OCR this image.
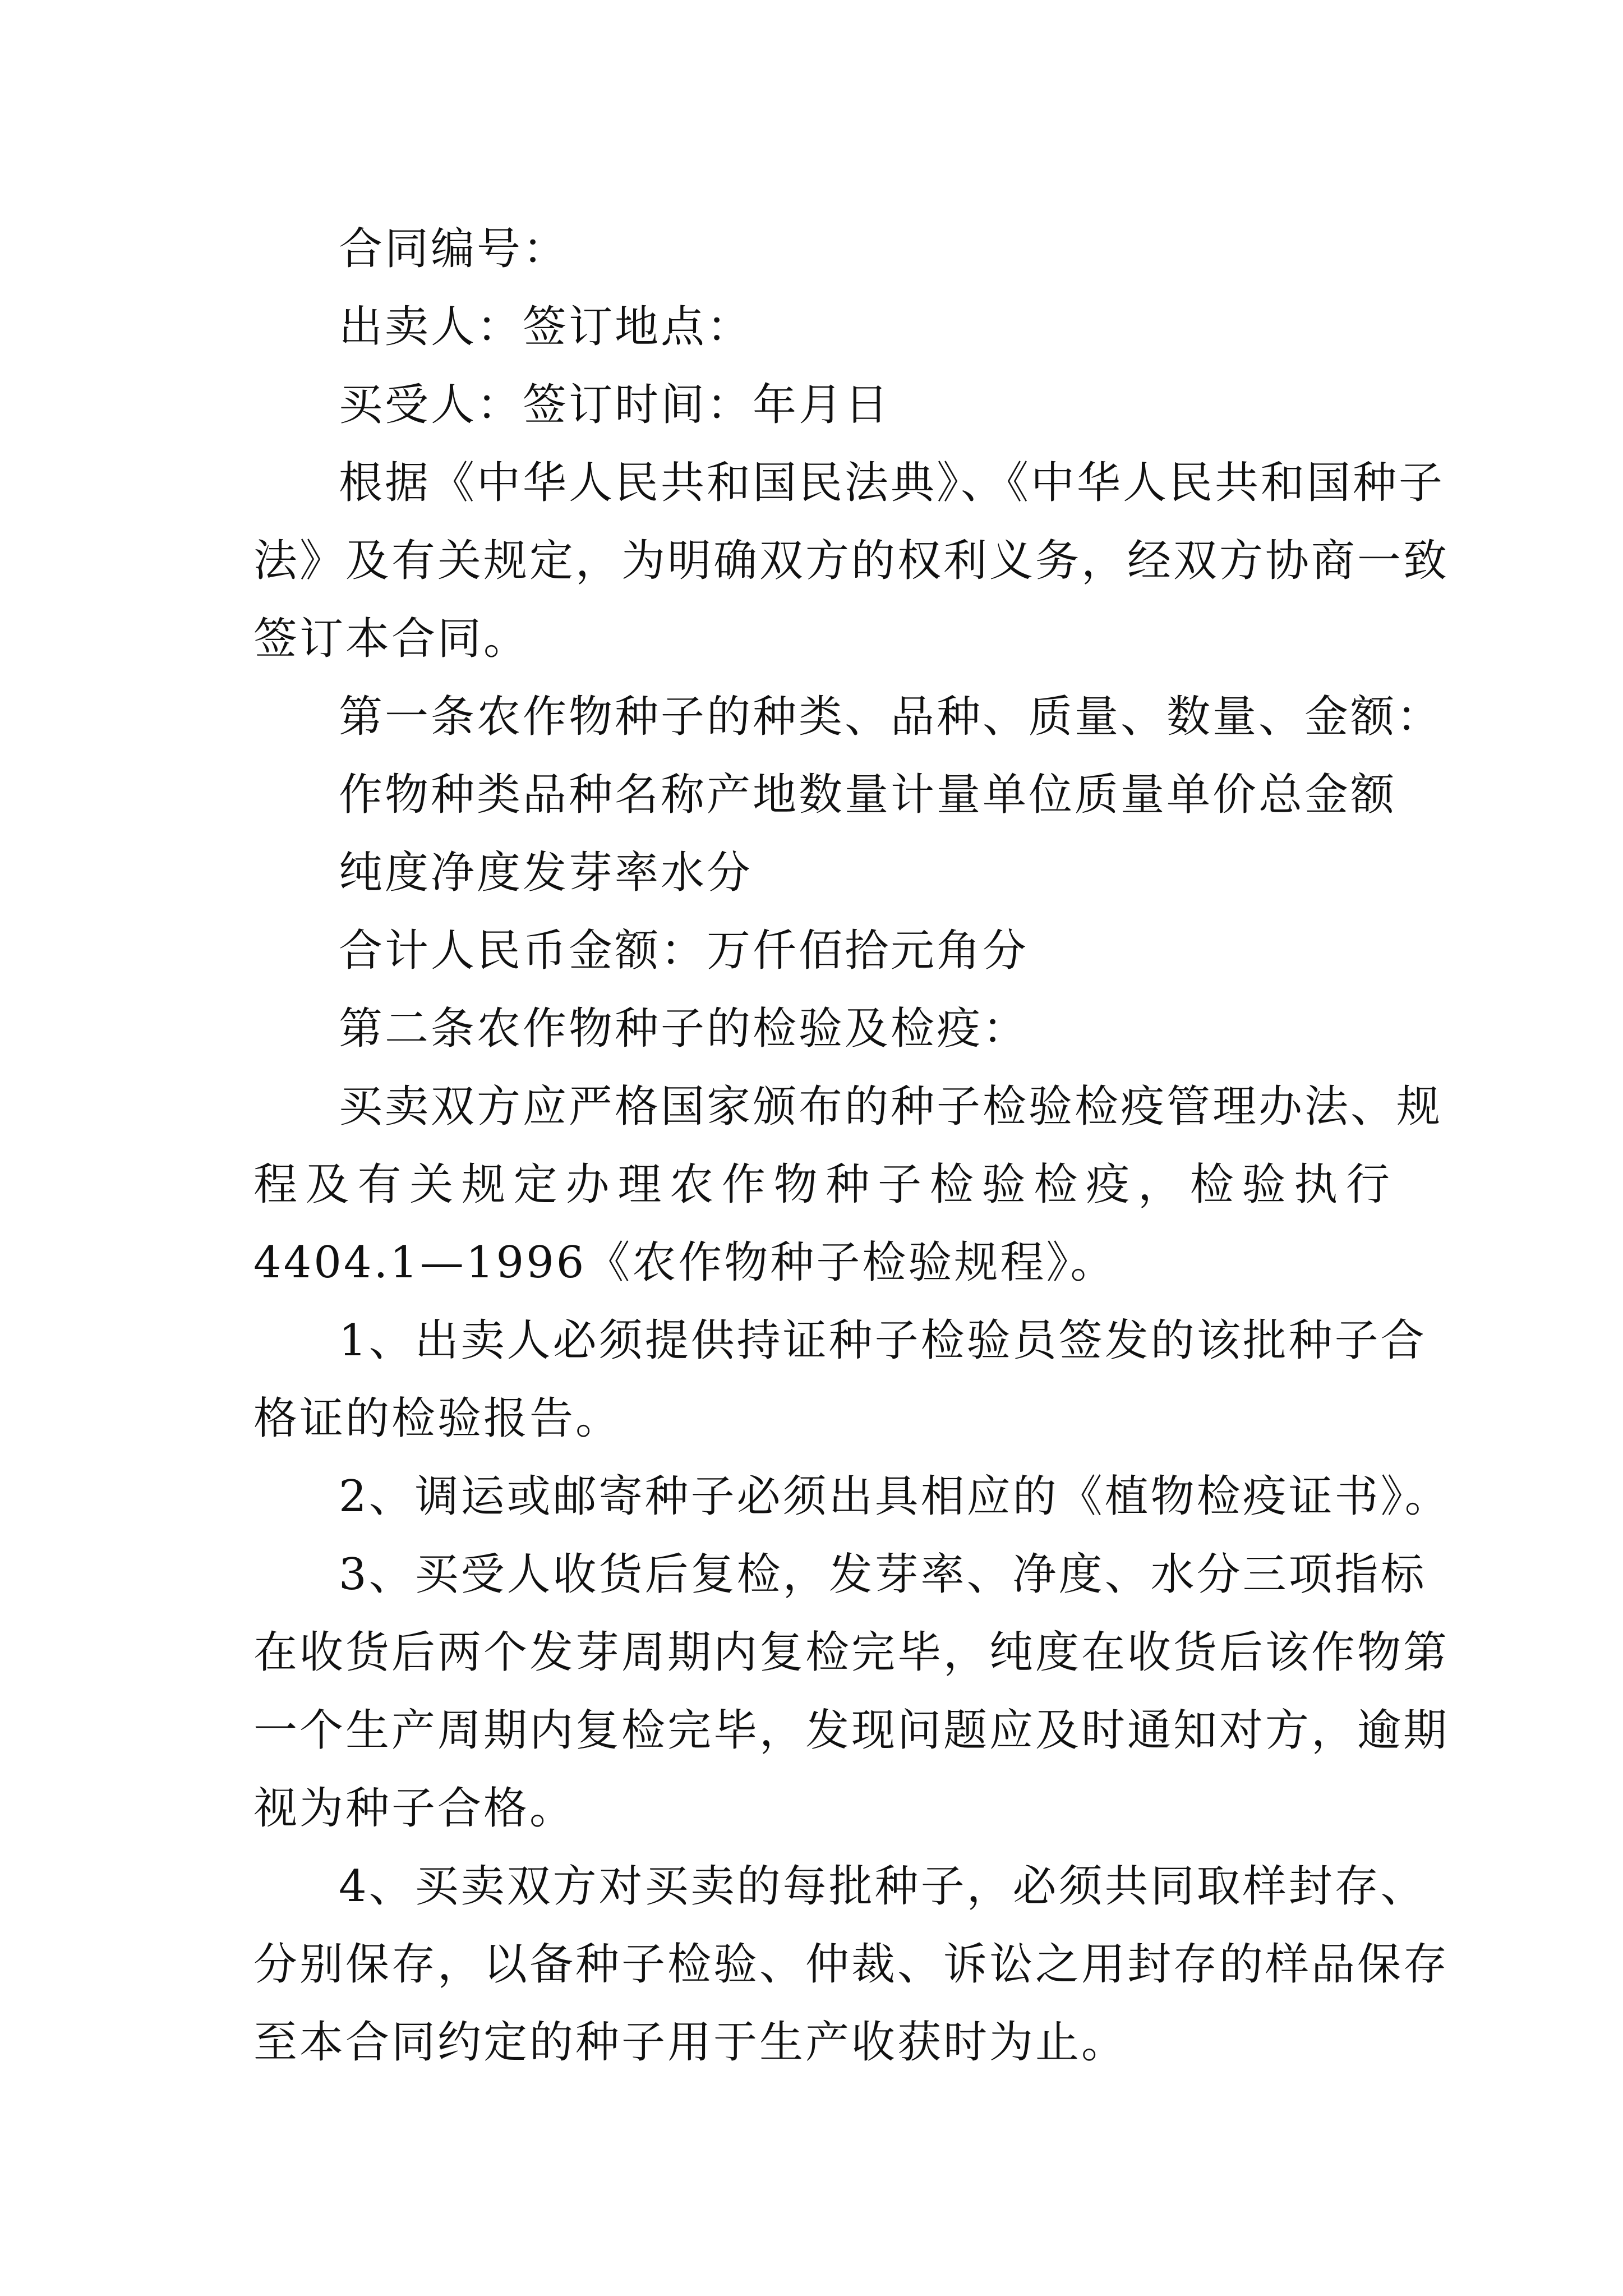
合同编号：

出卖人：签订地点：

买受人：签订时间：年月日

根据《中华人民共和国民法典》、《中华人民共和国种子

法》及有关规定，为明确双方的权利义务，经双方协商一致

签订本合同。

第一条农作物种子的种类、品种、质量、数量、金额：

作物种类品种名称产地数量计量单位质量单价总金额

纯度净度发芽率水分

合计人民币金额：万仟佰拾元角分

第二条农作物种子的检验及检疫：

买卖双方应严格国家颁布的种子检验检疫管理办法、规

程及有关规定办理农作物种子检验检疫，检验执行

4404.1—1996《农作物种子检验规程》。

1、出卖人必须提供持证种子检验员签发的该批种子合

格证的检验报告。

2、调运或邮寄种子必须出具相应的《植物检疫证书》。

3、买受人收货后复检，发芽率、净度、水分三项指标

在收货后两个发芽周期内复检完毕，纯度在收货后该作物第

一个生产周期内复检完毕，发现问题应及时通知对方，逾期

视为种子合格。

4、买卖双方对买卖的每批种子，必须共同取样封存、

分别保存，以备种子检验、仲裁、诉讼之用封存的样品保存

至本合同约定的种子用于生产收获时为止。
